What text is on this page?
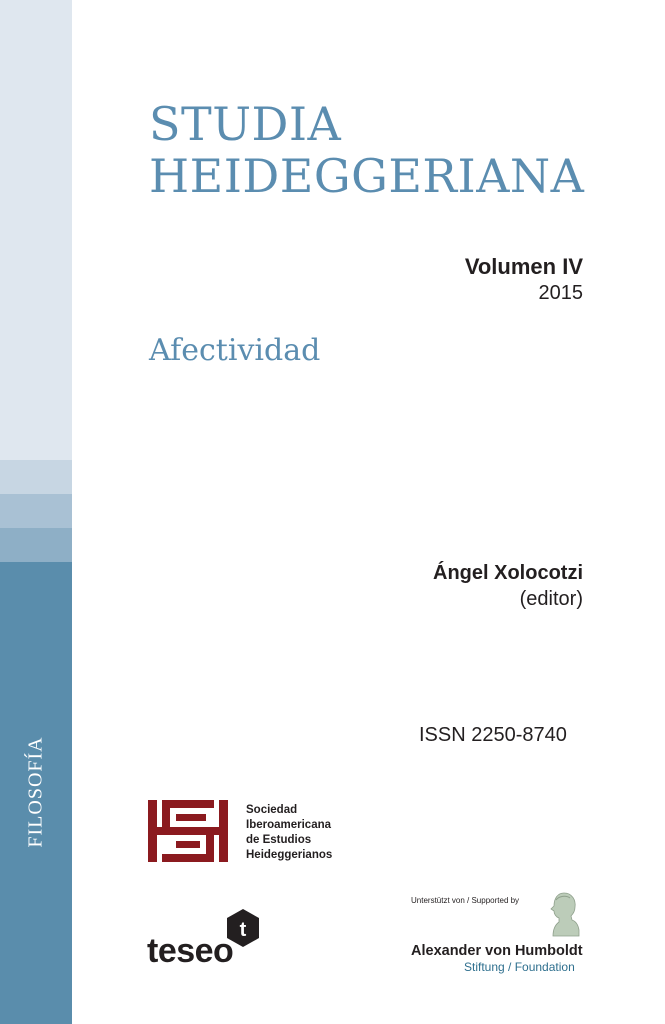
FILOSOFÍA
STUDIA
HEIDEGGERIANA
Volumen IV
2015
Afectividad
Ángel Xolocotzi
(editor)
ISSN 2250-8740
Sociedad
Iberoamericana
de Estudios
Heideggerianos
t
teseo
Unterstützt von / Supported by
Alexander von Humboldt
Stiftung / Foundation
